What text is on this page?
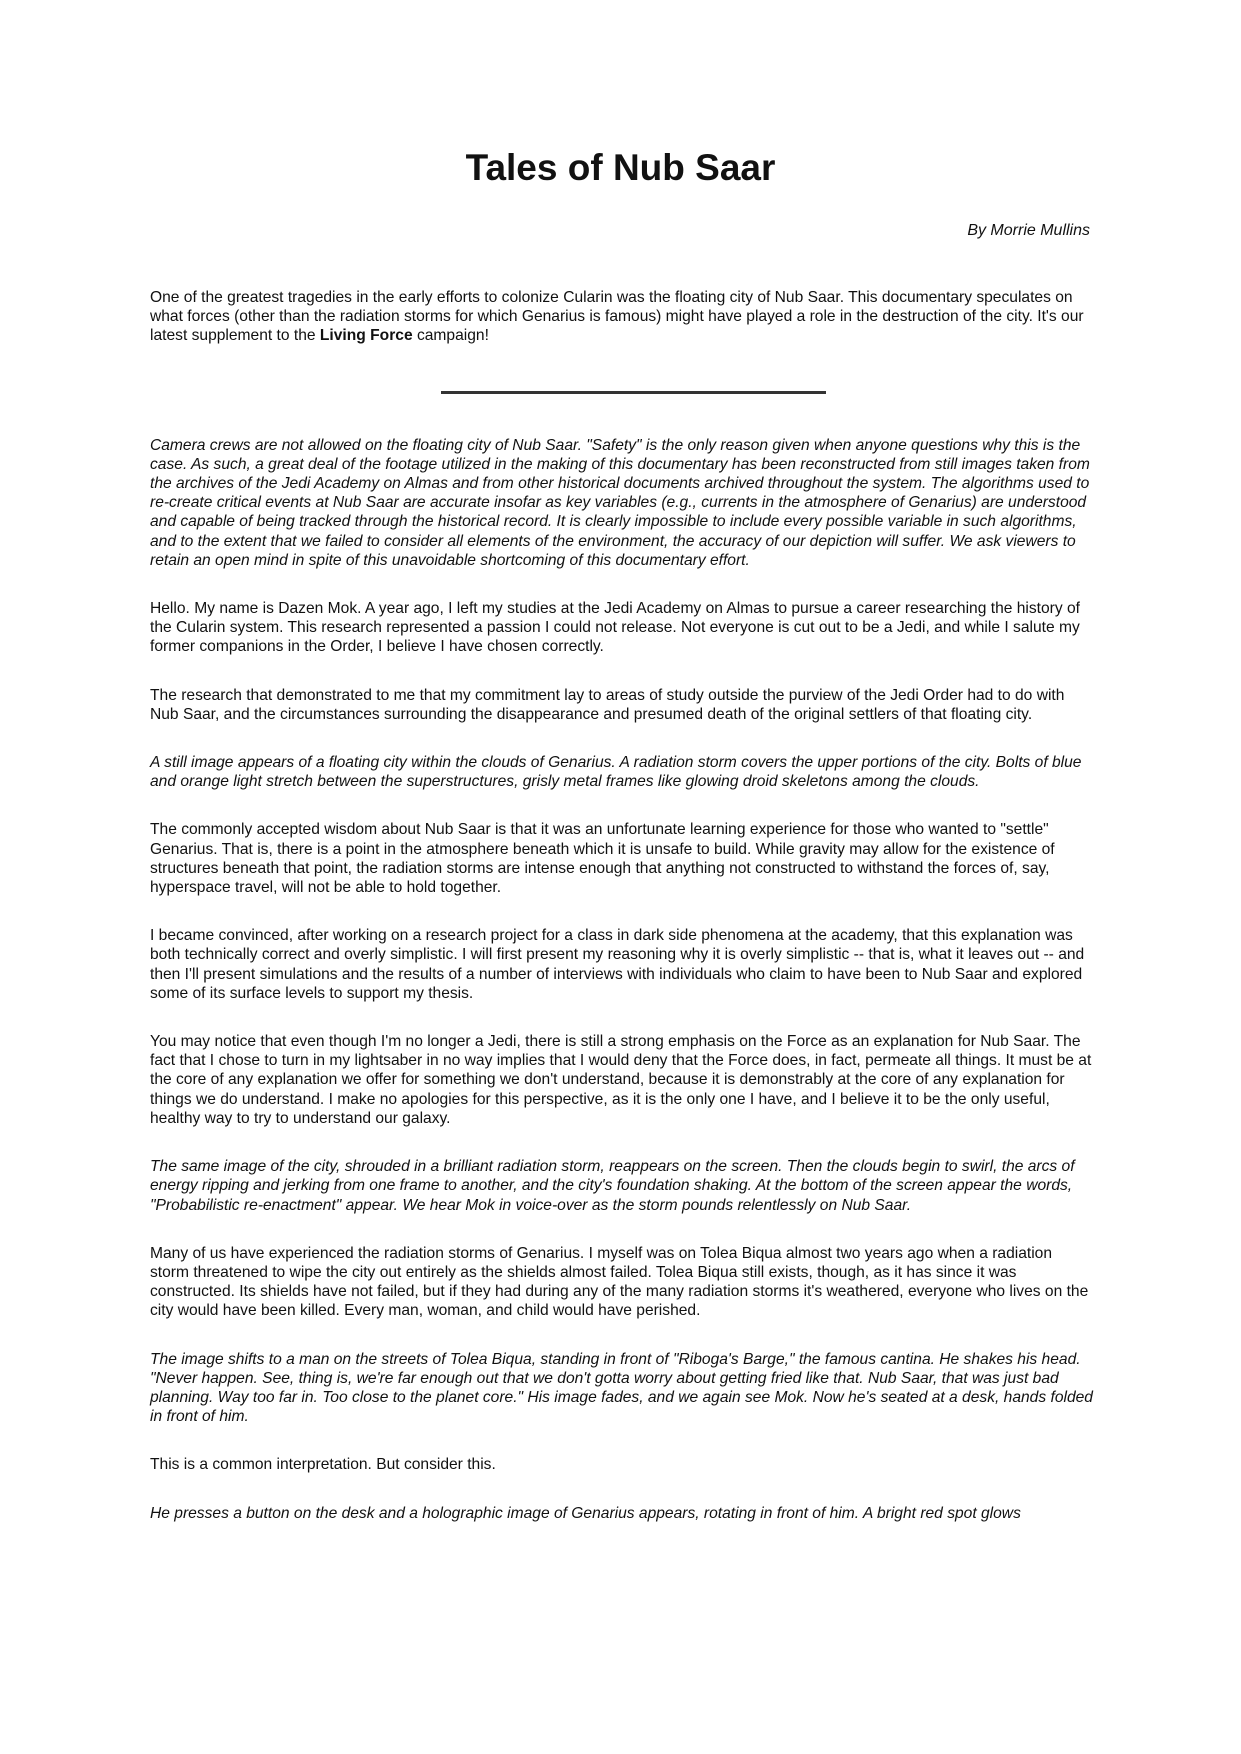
Tales of Nub Saar

By Morrie Mullins

One of the greatest tragedies in the early efforts to colonize Cularin was the floating city of Nub Saar. This documentary speculates on what forces (other than the radiation storms for which Genarius is famous) might have played a role in the destruction of the city. It's our latest supplement to the Living Force campaign!

Camera crews are not allowed on the floating city of Nub Saar. "Safety" is the only reason given when anyone questions why this is the case. As such, a great deal of the footage utilized in the making of this documentary has been reconstructed from still images taken from the archives of the Jedi Academy on Almas and from other historical documents archived throughout the system. The algorithms used to re-create critical events at Nub Saar are accurate insofar as key variables (e.g., currents in the atmosphere of Genarius) are understood and capable of being tracked through the historical record. It is clearly impossible to include every possible variable in such algorithms, and to the extent that we failed to consider all elements of the environment, the accuracy of our depiction will suffer. We ask viewers to retain an open mind in spite of this unavoidable shortcoming of this documentary effort.

Hello. My name is Dazen Mok. A year ago, I left my studies at the Jedi Academy on Almas to pursue a career researching the history of the Cularin system. This research represented a passion I could not release. Not everyone is cut out to be a Jedi, and while I salute my former companions in the Order, I believe I have chosen correctly.

The research that demonstrated to me that my commitment lay to areas of study outside the purview of the Jedi Order had to do with Nub Saar, and the circumstances surrounding the disappearance and presumed death of the original settlers of that floating city.

A still image appears of a floating city within the clouds of Genarius. A radiation storm covers the upper portions of the city. Bolts of blue and orange light stretch between the superstructures, grisly metal frames like glowing droid skeletons among the clouds.

The commonly accepted wisdom about Nub Saar is that it was an unfortunate learning experience for those who wanted to "settle" Genarius. That is, there is a point in the atmosphere beneath which it is unsafe to build. While gravity may allow for the existence of structures beneath that point, the radiation storms are intense enough that anything not constructed to withstand the forces of, say, hyperspace travel, will not be able to hold together.

I became convinced, after working on a research project for a class in dark side phenomena at the academy, that this explanation was both technically correct and overly simplistic. I will first present my reasoning why it is overly simplistic -- that is, what it leaves out -- and then I'll present simulations and the results of a number of interviews with individuals who claim to have been to Nub Saar and explored some of its surface levels to support my thesis.

You may notice that even though I'm no longer a Jedi, there is still a strong emphasis on the Force as an explanation for Nub Saar. The fact that I chose to turn in my lightsaber in no way implies that I would deny that the Force does, in fact, permeate all things. It must be at the core of any explanation we offer for something we don't understand, because it is demonstrably at the core of any explanation for things we do understand. I make no apologies for this perspective, as it is the only one I have, and I believe it to be the only useful, healthy way to try to understand our galaxy.

The same image of the city, shrouded in a brilliant radiation storm, reappears on the screen. Then the clouds begin to swirl, the arcs of energy ripping and jerking from one frame to another, and the city's foundation shaking. At the bottom of the screen appear the words, "Probabilistic re-enactment" appear. We hear Mok in voice-over as the storm pounds relentlessly on Nub Saar.

Many of us have experienced the radiation storms of Genarius. I myself was on Tolea Biqua almost two years ago when a radiation storm threatened to wipe the city out entirely as the shields almost failed. Tolea Biqua still exists, though, as it has since it was constructed. Its shields have not failed, but if they had during any of the many radiation storms it's weathered, everyone who lives on the city would have been killed. Every man, woman, and child would have perished.

The image shifts to a man on the streets of Tolea Biqua, standing in front of "Riboga's Barge," the famous cantina. He shakes his head. "Never happen. See, thing is, we're far enough out that we don't gotta worry about getting fried like that. Nub Saar, that was just bad planning. Way too far in. Too close to the planet core." His image fades, and we again see Mok. Now he's seated at a desk, hands folded in front of him.

This is a common interpretation. But consider this.

He presses a button on the desk and a holographic image of Genarius appears, rotating in front of him. A bright red spot glows
